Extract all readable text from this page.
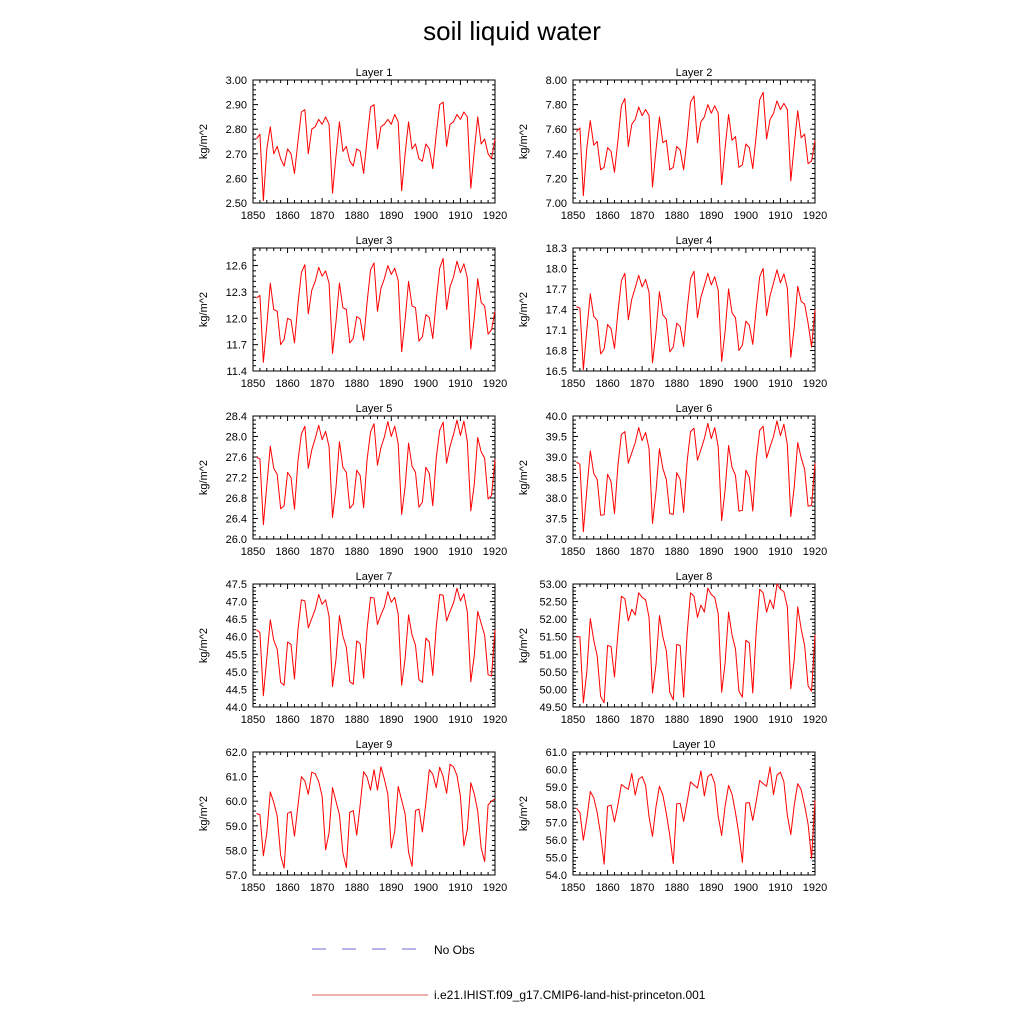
soil liquid water
Layer 1
kg/m^2
1850 1860 1870 1880 1890 1900 1910 1920
2.50
2.60
2.70
2.80
2.90
3.00
Layer 2
kg/m^2
1850 1860 1870 1880 1890 1900 1910 1920
7.00
7.20
7.40
7.60
7.80
8.00
Layer 3
kg/m^2
1850 1860 1870 1880 1890 1900 1910 1920
11.4
11.7
12.0
12.3
12.6
Layer 4
kg/m^2
1850 1860 1870 1880 1890 1900 1910 1920
16.5
16.8
17.1
17.4
17.7
18.0
18.3
Layer 5
kg/m^2
1850 1860 1870 1880 1890 1900 1910 1920
26.0
26.4
26.8
27.2
27.6
28.0
28.4
Layer 6
kg/m^2
1850 1860 1870 1880 1890 1900 1910 1920
37.0
37.5
38.0
38.5
39.0
39.5
40.0
Layer 7
kg/m^2
1850 1860 1870 1880 1890 1900 1910 1920
44.0
44.5
45.0
45.5
46.0
46.5
47.0
47.5
Layer 8
kg/m^2
1850 1860 1870 1880 1890 1900 1910 1920
49.50
50.00
50.50
51.00
51.50
52.00
52.50
53.00
Layer 9
kg/m^2
1850 1860 1870 1880 1890 1900 1910 1920
57.0
58.0
59.0
60.0
61.0
62.0
Layer 10
kg/m^2
1850 1860 1870 1880 1890 1900 1910 1920
54.0
55.0
56.0
57.0
58.0
59.0
60.0
61.0
No Obs
i.e21.IHIST.f09_g17.CMIP6-land-hist-princeton.001
